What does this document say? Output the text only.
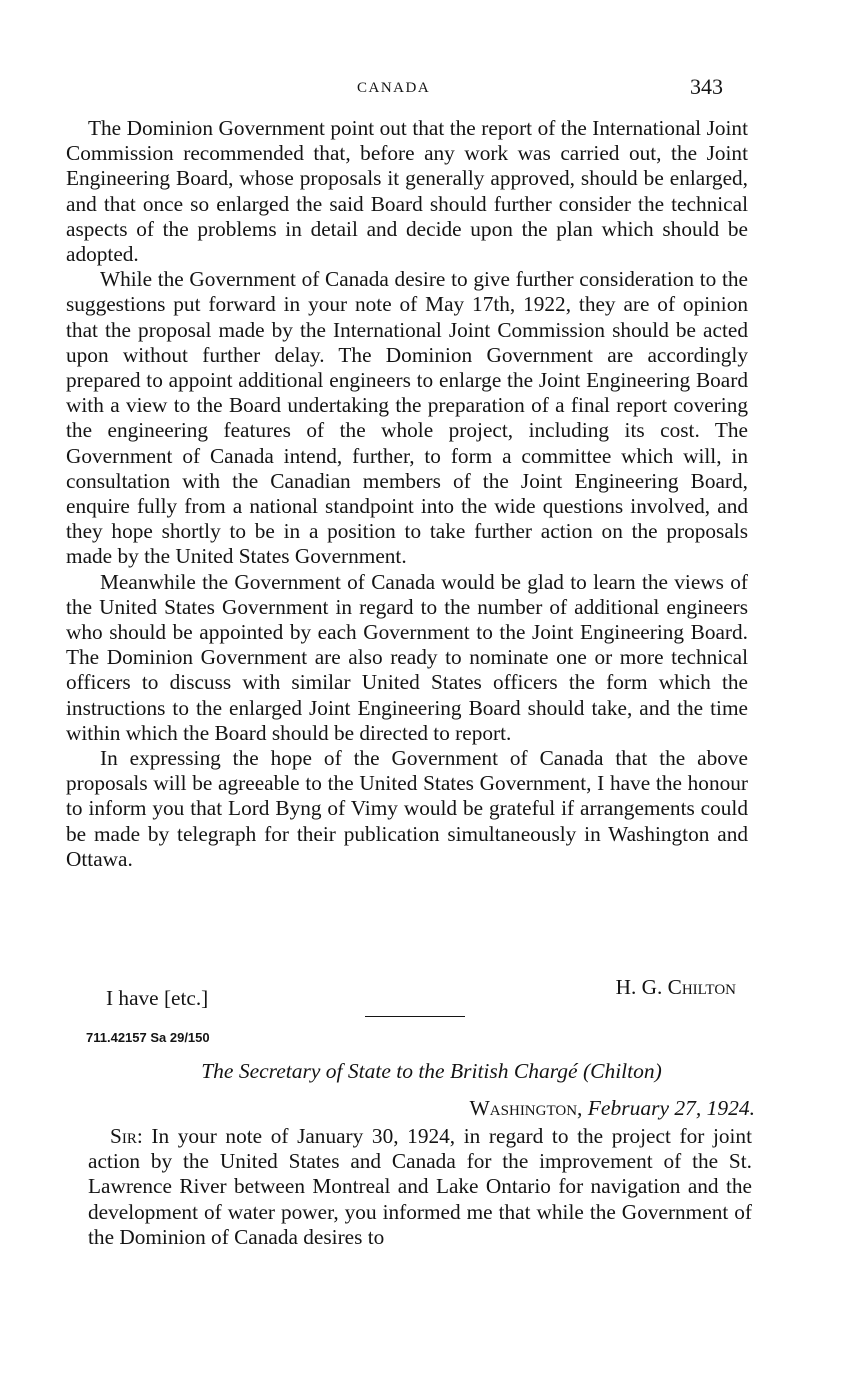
CANADA	343

The Dominion Government point out that the report of the International Joint Commission recommended that, before any work was carried out, the Joint Engineering Board, whose proposals it generally approved, should be enlarged, and that once so enlarged the said Board should further consider the technical aspects of the problems in detail and decide upon the plan which should be adopted.

While the Government of Canada desire to give further consideration to the suggestions put forward in your note of May 17th, 1922, they are of opinion that the proposal made by the International Joint Commission should be acted upon without further delay. The Dominion Government are accordingly prepared to appoint additional engineers to enlarge the Joint Engineering Board with a view to the Board undertaking the preparation of a final report covering the engineering features of the whole project, including its cost. The Government of Canada intend, further, to form a committee which will, in consultation with the Canadian members of the Joint Engineering Board, enquire fully from a national standpoint into the wide questions involved, and they hope shortly to be in a position to take further action on the proposals made by the United States Government.

Meanwhile the Government of Canada would be glad to learn the views of the United States Government in regard to the number of additional engineers who should be appointed by each Government to the Joint Engineering Board. The Dominion Government are also ready to nominate one or more technical officers to discuss with similar United States officers the form which the instructions to the enlarged Joint Engineering Board should take, and the time within which the Board should be directed to report.

In expressing the hope of the Government of Canada that the above proposals will be agreeable to the United States Government, I have the honour to inform you that Lord Byng of Vimy would be grateful if arrangements could be made by telegraph for their publication simultaneously in Washington and Ottawa.

I have [etc.]	H. G. Chilton
711.42157 Sa 29/150
The Secretary of State to the British Chargé (Chilton)
Washington, February 27, 1924.

Sir: In your note of January 30, 1924, in regard to the project for joint action by the United States and Canada for the improvement of the St. Lawrence River between Montreal and Lake Ontario for navigation and the development of water power, you informed me that while the Government of the Dominion of Canada desires to
